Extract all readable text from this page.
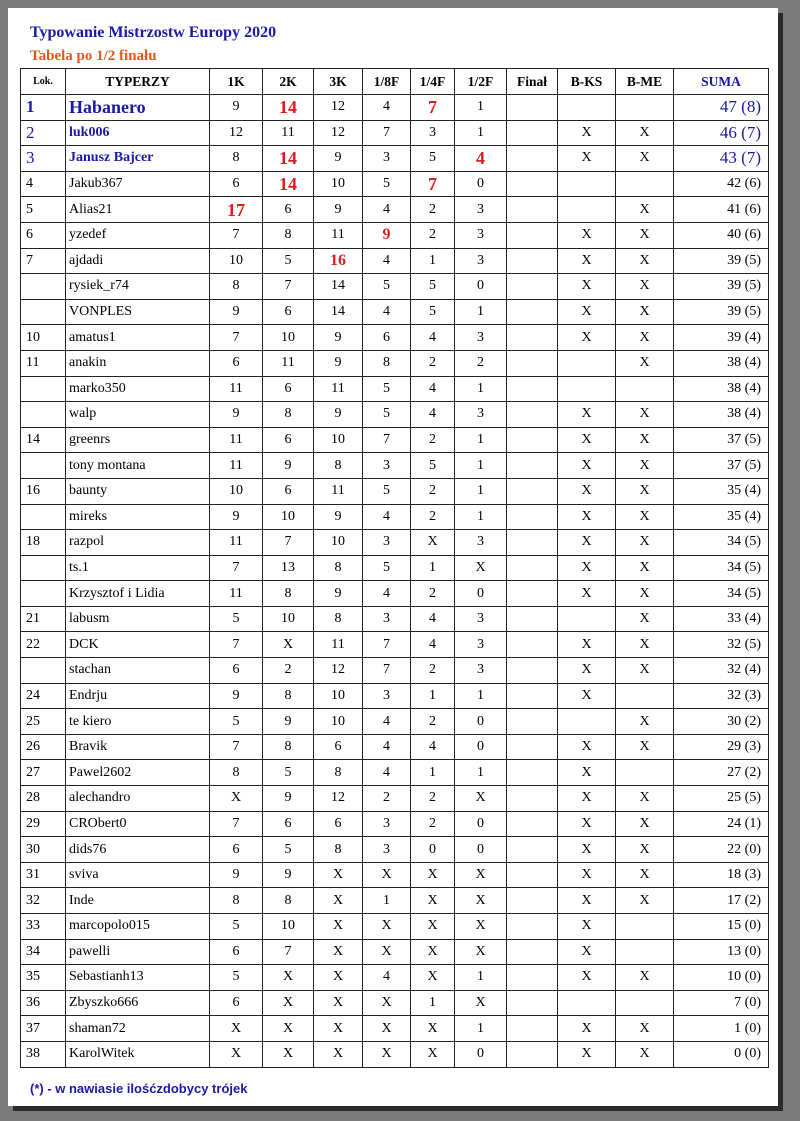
Typowanie Mistrzostw Europy 2020
Tabela po 1/2 finału
Lok.	TYPERZY	1K	2K	3K	1/8F	1/4F	1/2F	Finał	B-KS	B-ME	SUMA
1	Habanero	9	14	12	4	7	1				47 (8)
2	luk006	12	11	12	7	3	1		X	X	46 (7)
3	Janusz Bajcer	8	14	9	3	5	4		X	X	43 (7)
4	Jakub367	6	14	10	5	7	0				42 (6)
5	Alias21	17	6	9	4	2	3			X	41 (6)
6	yzedef	7	8	11	9	2	3		X	X	40 (6)
7	ajdadi	10	5	16	4	1	3		X	X	39 (5)
	rysiek_r74	8	7	14	5	5	0		X	X	39 (5)
	VONPLES	9	6	14	4	5	1		X	X	39 (5)
10	amatus1	7	10	9	6	4	3		X	X	39 (4)
11	anakin	6	11	9	8	2	2			X	38 (4)
	marko350	11	6	11	5	4	1				38 (4)
	walp	9	8	9	5	4	3		X	X	38 (4)
14	greenrs	11	6	10	7	2	1		X	X	37 (5)
	tony montana	11	9	8	3	5	1		X	X	37 (5)
16	baunty	10	6	11	5	2	1		X	X	35 (4)
	mireks	9	10	9	4	2	1		X	X	35 (4)
18	razpol	11	7	10	3	X	3		X	X	34 (5)
	ts.1	7	13	8	5	1	X		X	X	34 (5)
	Krzysztof i Lidia	11	8	9	4	2	0		X	X	34 (5)
21	labusm	5	10	8	3	4	3			X	33 (4)
22	DCK	7	X	11	7	4	3		X	X	32 (5)
	stachan	6	2	12	7	2	3		X	X	32 (4)
24	Endrju	9	8	10	3	1	1		X		32 (3)
25	te kiero	5	9	10	4	2	0			X	30 (2)
26	Bravik	7	8	6	4	4	0		X	X	29 (3)
27	Pawel2602	8	5	8	4	1	1		X		27 (2)
28	alechandro	X	9	12	2	2	X		X	X	25 (5)
29	CRObert0	7	6	6	3	2	0		X	X	24 (1)
30	dids76	6	5	8	3	0	0		X	X	22 (0)
31	sviva	9	9	X	X	X	X		X	X	18 (3)
32	Inde	8	8	X	1	X	X		X	X	17 (2)
33	marcopolo015	5	10	X	X	X	X		X		15 (0)
34	pawelli	6	7	X	X	X	X		X		13 (0)
35	Sebastianh13	5	X	X	4	X	1		X	X	10 (0)
36	Zbyszko666	6	X	X	X	1	X				7 (0)
37	shaman72	X	X	X	X	X	1		X	X	1 (0)
38	KarolWitek	X	X	X	X	X	0		X	X	0 (0)
(*) - w nawiasie ilośćzdobycy trójek
